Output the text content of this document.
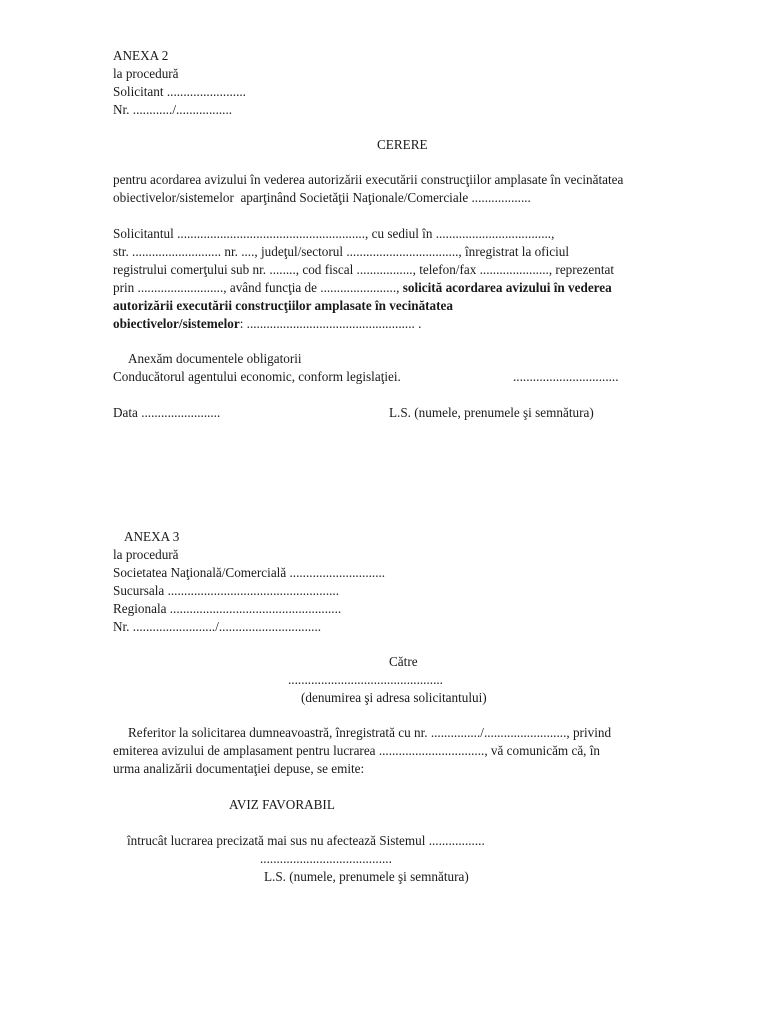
ANEXA 2
la procedură
Solicitant ........................
Nr. ............/.................
CERERE
pentru acordarea avizului în vederea autorizării executării construcţiilor amplasate în vecinătatea
obiectivelor/sistemelor  aparţinând Societăţii Naţionale/Comerciale ..................
Solicitantul ........................................................., cu sediul în ...................................,
str. ........................... nr. ...., judeţul/sectorul .................................., înregistrat la oficiul
registrului comerţului sub nr. ........, cod fiscal ................., telefon/fax ....................., reprezentat
prin .........................., având funcţia de ......................., solicită acordarea avizului în vederea
autorizării executării construcţiilor amplasate în vecinătatea
obiectivelor/sistemelor: ................................................... .
Anexăm documentele obligatorii
Conducătorul agentului economic, conform legislaţiei.	................................
Data ........................	L.S. (numele, prenumele şi semnătura)
ANEXA 3
la procedură
Societatea Naţională/Comercială .............................
Sucursala ....................................................
Regionala ....................................................
Nr. ........................./...............................
Către
...............................................
(denumirea şi adresa solicitantului)
Referitor la solicitarea dumneavoastră, înregistrată cu nr. .............../........................., privind
emiterea avizului de amplasament pentru lucrarea ................................, vă comunicăm că, în
urma analizării documentaţiei depuse, se emite:
AVIZ FAVORABIL
întrucât lucrarea precizată mai sus nu afectează Sistemul .................
........................................
L.S. (numele, prenumele şi semnătura)
